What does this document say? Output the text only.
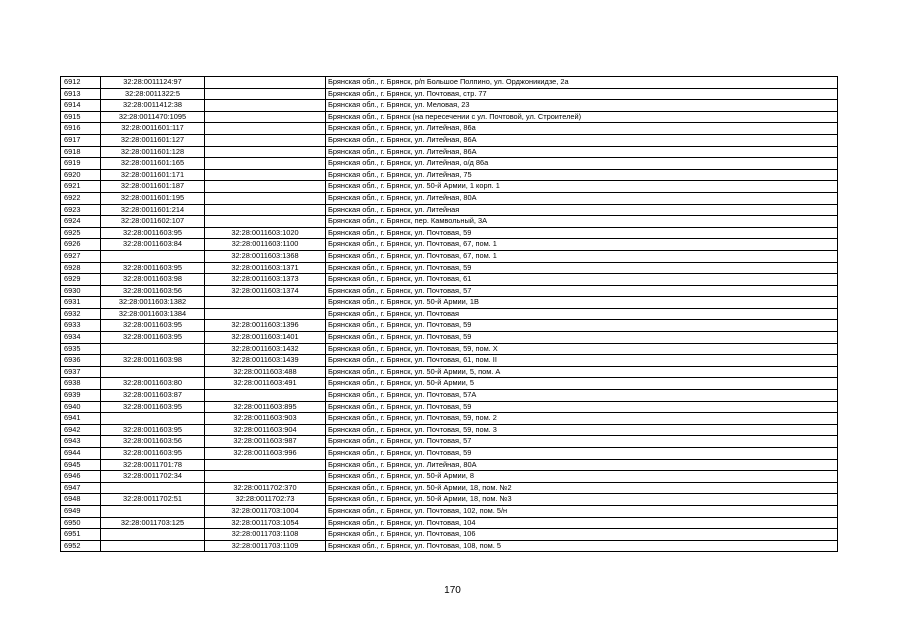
6912	32:28:0011124:97		Брянская обл., г. Брянск, р/п Большое Полпино, ул. Орджоникидзе, 2а
6913	32:28:0011322:5		Брянская обл., г. Брянск, ул. Почтовая, стр. 77
6914	32:28:0011412:38		Брянская обл., г. Брянск, ул. Меловая, 23
6915	32:28:0011470:1095		Брянская обл., г. Брянск (на пересечении с ул. Почтовой, ул. Строителей)
6916	32:28:0011601:117		Брянская обл., г. Брянск, ул. Литейная, 86а
6917	32:28:0011601:127		Брянская обл., г. Брянск, ул. Литейная, 86А
6918	32:28:0011601:128		Брянская обл., г. Брянск, ул. Литейная, 86А
6919	32:28:0011601:165		Брянская обл., г. Брянск, ул. Литейная, о/д 86а
6920	32:28:0011601:171		Брянская обл., г. Брянск, ул. Литейная, 75
6921	32:28:0011601:187		Брянская обл., г. Брянск, ул. 50-й Армии, 1 корп. 1
6922	32:28:0011601:195		Брянская обл., г. Брянск, ул. Литейная, 80А
6923	32:28:0011601:214		Брянская обл., г. Брянск, ул. Литейная
6924	32:28:0011602:107		Брянская обл., г. Брянск, пер. Камвольный, 3А
6925	32:28:0011603:95	32:28:0011603:1020	Брянская обл., г. Брянск, ул. Почтовая, 59
6926	32:28:0011603:84	32:28:0011603:1100	Брянская обл., г. Брянск, ул. Почтовая, 67, пом. 1
6927		32:28:0011603:1368	Брянская обл., г. Брянск, ул. Почтовая, 67, пом. 1
6928	32:28:0011603:95	32:28:0011603:1371	Брянская обл., г. Брянск, ул. Почтовая, 59
6929	32:28:0011603:98	32:28:0011603:1373	Брянская обл., г. Брянск, ул. Почтовая, 61
6930	32:28:0011603:56	32:28:0011603:1374	Брянская обл., г. Брянск, ул. Почтовая, 57
6931	32:28:0011603:1382		Брянская обл., г. Брянск, ул. 50-й Армии, 1В
6932	32:28:0011603:1384		Брянская обл., г. Брянск, ул. Почтовая
6933	32:28:0011603:95	32:28:0011603:1396	Брянская обл., г. Брянск, ул. Почтовая, 59
6934	32:28:0011603:95	32:28:0011603:1401	Брянская обл., г. Брянск, ул. Почтовая, 59
6935		32:28:0011603:1432	Брянская обл., г. Брянск, ул. Почтовая, 59, пом. X
6936	32:28:0011603:98	32:28:0011603:1439	Брянская обл., г. Брянск, ул. Почтовая, 61, пом. II
6937		32:28:0011603:488	Брянская обл., г. Брянск, ул. 50-й Армии, 5, пом. А
6938	32:28:0011603:80	32:28:0011603:491	Брянская обл., г. Брянск, ул. 50-й Армии, 5
6939	32:28:0011603:87		Брянская обл., г. Брянск, ул. Почтовая, 57А
6940	32:28:0011603:95	32:28:0011603:895	Брянская обл., г. Брянск, ул. Почтовая, 59
6941		32:28:0011603:903	Брянская обл., г. Брянск, ул. Почтовая, 59, пом. 2
6942	32:28:0011603:95	32:28:0011603:904	Брянская обл., г. Брянск, ул. Почтовая, 59, пом. 3
6943	32:28:0011603:56	32:28:0011603:987	Брянская обл., г. Брянск, ул. Почтовая, 57
6944	32:28:0011603:95	32:28:0011603:996	Брянская обл., г. Брянск, ул. Почтовая, 59
6945	32:28:0011701:78		Брянская обл., г. Брянск, ул. Литейная, 80А
6946	32:28:0011702:34		Брянская обл., г. Брянск, ул. 50-й Армии, 8
6947		32:28:0011702:370	Брянская обл., г. Брянск, ул. 50-й Армии, 18, пом. №2
6948	32:28:0011702:51	32:28:0011702:73	Брянская обл., г. Брянск, ул. 50-й Армии, 18, пом. №3
6949		32:28:0011703:1004	Брянская обл., г. Брянск, ул. Почтовая, 102, пом. 5/н
6950	32:28:0011703:125	32:28:0011703:1054	Брянская обл., г. Брянск, ул. Почтовая, 104
6951		32:28:0011703:1108	Брянская обл., г. Брянск, ул. Почтовая, 106
6952		32:28:0011703:1109	Брянская обл., г. Брянск, ул. Почтовая, 108, пом. 5
170
